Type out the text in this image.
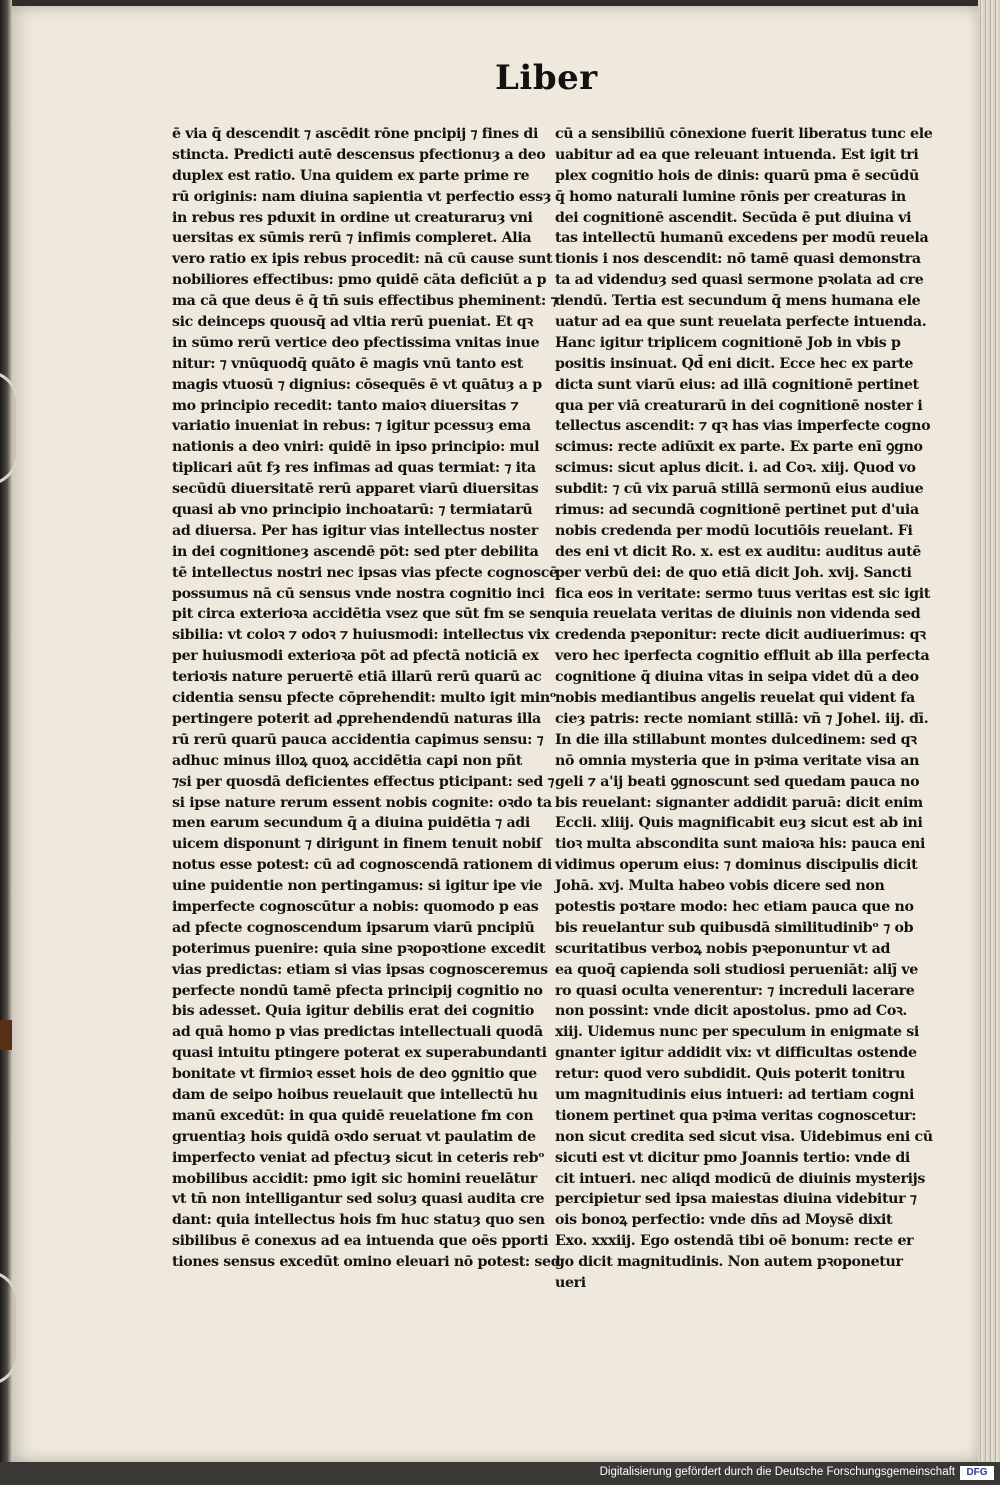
Liber
ē via q̄ descendit ⁊ ascēdit rōne pncipij ⁊ fines di
stincta. Predicti autē descensus pfectionuȝ a deo
duplex est ratio. Una quidem ex parte prime re
rū originis: nam diuina sapientia vt perfectio essȝ
in rebus res pduxit in ordine ut creaturaruȝ vni
uersitas ex sūmis rerū ⁊ infimis compleret. Alia
vero ratio ex ipis rebus procedit: nā cū cause sunt
nobiliores effectibus: pmo quidē cāta deficiūt a p
ma cā que deus ē q̄ tn̄ suis effectibus pheminent: ⁊
sic deinceps quousq̄ ad vltia rerū pueniat. Et qꝛ
in sūmo rerū vertice deo pfectissima vnitas inue
nitur: ⁊ vnūquodq̄ quāto ē magis vnū tanto est
magis vtuosū ⁊ dignius: cōsequēs ē vt quātuȝ a p
mo principio recedit: tanto maioꝛ diuersitas ⁊
variatio inueniat in rebus: ⁊ igitur pcessuȝ ema
nationis a deo vniri: quidē in ipso principio: mul
tiplicari aūt fȝ res infimas ad quas termiat: ⁊ ita
secūdū diuersitatē rerū apparet viarū diuersitas
quasi ab vno principio inchoatarū: ⁊ termiatarū
ad diuersa. Per has igitur vias intellectus noster
in dei cognitioneȝ ascendē pōt: sed pter debilita
tē intellectus nostri nec ipsas vias pfecte cognoscē
possumus nā cū sensus vnde nostra cognitio inci
pit circa exterioꝛa accidētia vsez que sūt fm se sen
sibilia: vt coloꝛ ⁊ odoꝛ ⁊ huiusmodi: intellectus vix
per huiusmodi exterioꝛa pōt ad pfectā noticiā ex
terioꝛis nature peruertē etiā illarū rerū quarū ac
cidentia sensu pfecte cōprehendit: multo igit minᵒ
pertingere poterit ad ꝓprehendendū naturas illa
rū rerū quarū pauca accidentia capimus sensu: ⁊
adhuc minus illoꝝ quoꝝ accidētia capi non pñt
⁊si per quosdā deficientes effectus pticipant: sed ⁊
si ipse nature rerum essent nobis cognite: oꝛdo ta
men earum secundum q̄ a diuina puidētia ⁊ adi
uicem disponunt ⁊ dirigunt in finem tenuit nobiſ
notus esse potest: cū ad cognoscendā rationem di
uine puidentie non pertingamus: si igitur ipe vie
imperfecte cognoscūtur a nobis: quomodo p eas
ad pfecte cognoscendum ipsarum viarū pncipiū
poterimus puenire: quia sine pꝛopoꝛtione excedit
vias predictas: etiam si vias ipsas cognosceremus
perfecte nondū tamē pfecta principij cognitio no
bis adesset. Quia igitur debilis erat dei cognitio
ad quā homo p vias predictas intellectuali quodā
quasi intuitu ptingere poterat ex superabundanti
bonitate vt firmioꝛ esset hois de deo ꝯgnitio que
dam de seipo hoibus reuelauit que intellectū hu
manū excedūt: in qua quidē reuelatione fm con
gruentiaȝ hois quidā oꝛdo seruat vt paulatim de
imperfecto veniat ad pfectuȝ sicut in ceteris rebᵒ
mobilibus accidit: pmo igit sic homini reuelātur
vt tn̄ non intelligantur sed soluȝ quasi audita cre
dant: quia intellectus hois fm huc statuȝ quo sen
sibilibus ē conexus ad ea intuenda que oēs pporti
tiones sensus excedūt omino eleuari nō potest: sed
cū a sensibiliū cōnexione fuerit liberatus tunc ele
uabitur ad ea que releuant intuenda. Est igit tri
plex cognitio hois de dinis: quarū pma ē secūdū
q̄ homo naturali lumine rōnis per creaturas in
dei cognitionē ascendit. Secūda ē put diuina vi
tas intellectū humanū excedens per modū reuela
tionis i nos descendit: nō tamē quasi demonstra
ta ad videnduȝ sed quasi sermone pꝛolata ad cre
dendū. Tertia est secundum q̄ mens humana ele
uatur ad ea que sunt reuelata perfecte intuenda.
Hanc igitur triplicem cognitionē Job in vbis p
positis insinuat. Qd̄ eni dicit. Ecce hec ex parte
dicta sunt viarū eius: ad illā cognitionē pertinet
qua per viā creaturarū in dei cognitionē noster i
tellectus ascendit: ⁊ qꝛ has vias imperfecte cogno
scimus: recte adiūxit ex parte. Ex parte enī ꝯgno
scimus: sicut aplus dicit. i. ad Coꝛ. xiij. Quod vo
subdit: ⁊ cū vix paruā stillā sermonū eius audiue
rimus: ad secundā cognitionē pertinet put d'uia
nobis credenda per modū locutiōis reuelant. Fi
des eni vt dicit Ro. x. est ex auditu: auditus autē
per verbū dei: de quo etiā dicit Joh. xvij. Sancti
fica eos in veritate: sermo tuus veritas est sic igit
quia reuelata veritas de diuinis non videnda sed
credenda pꝛeponitur: recte dicit audiuerimus: qꝛ
vero hec iperfecta cognitio effluit ab illa perfecta
cognitione q̄ diuina vitas in seipa videt dū a deo
nobis mediantibus angelis reuelat qui vident fa
cieȝ patris: recte nomiant stillā: vñ ⁊ Johel. iij. dī.
In die illa stillabunt montes dulcedinem: sed qꝛ
nō omnia mysteria que in pꝛima veritate visa an
geli ⁊ a'ij beati ꝯgnoscunt sed quedam pauca no
bis reuelant: signanter addidit paruā: dicit enim
Eccli. xliij. Quis magnificabit euȝ sicut est ab ini
tioꝛ multa abscondita sunt maioꝛa his: pauca eni
vidimus operum eius: ⁊ dominus discipulis dicit
Johā. xvj. Multa habeo vobis dicere sed non
potestis poꝛtare modo: hec etiam pauca que no
bis reuelantur sub quibusdā similitudinibᵒ ⁊ ob
scuritatibus verboꝝ nobis pꝛeponuntur vt ad
ea quoq̄ capienda soli studiosi perueniāt: aliȷ̄ ve
ro quasi oculta venerentur: ⁊ increduli lacerare
non possint: vnde dicit apostolus. pmo ad Coꝛ.
xiij. Uidemus nunc per speculum in enigmate si
gnanter igitur addidit vix: vt difficultas ostende
retur: quod vero subdidit. Quis poterit tonitru
um magnitudinis eius intueri: ad tertiam cogni
tionem pertinet qua pꝛima veritas cognoscetur:
non sicut credita sed sicut visa. Uidebimus eni cū
sicuti est vt dicitur pmo Joannis tertio: vnde di
cit intueri. nec aliqd modicū de diuinis mysterijs
percipietur sed ipsa maiestas diuina videbitur ⁊
ois bonoꝝ perfectio: vnde dn̄s ad Moysē dixit
Exo. xxxiij. Ego ostendā tibi oē bonum: recte er
go dicit magnitudinis. Non autem pꝛoponetur
ueri
Digitalisierung gefördert durch die Deutsche Forschungsgemeinschaft	DFG
